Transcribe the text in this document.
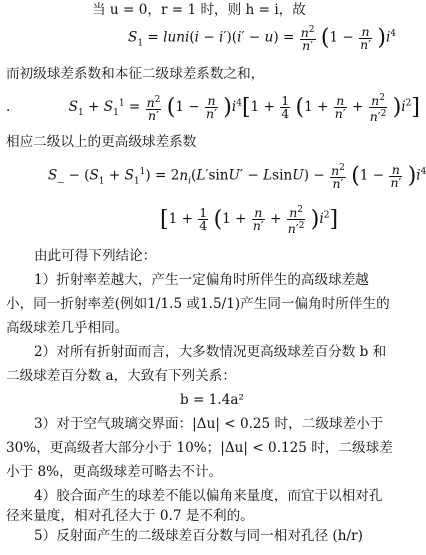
当 u = 0，r = 1 时，则 h = i，故
$S_1$ = luni(i − $i')(i' - u) = \frac{n^2}{n'} (1 - \frac{n}{n'} )i^4$
而初级球差系数和本征二级球差系数之和，
.	$S_1 + S_1^1 = \frac{n^2}{n'} (1 - \frac{n}{n'} )i^4[1 + \frac{1}{4} (1 + \frac{n}{n'} + \frac{n^2}{n'^2} )i^2]$
相应二级以上的更高级球差系数
S_ − $(S_1 + S_1^1) = 2n_i(L'\sin U' - LsinU) - \frac{n^2}{n'} (1 - \frac{n}{n'} )i^4$
$[1 + \frac{1}{4} (1 + \frac{n}{n'} + \frac{n^2}{n'^2} )i^2]$
由此可得下列结论：
1）折射率差越大，产生一定偏角时所伴生的高级球差越
小，同一折射率差(例如1/1.5 或1.5/1)产生同一偏角时所伴生的
高级球差几乎相同。
2）对所有折射面而言，大多数情况更高级球差百分数 b 和
二级球差百分数 a，大致有下列关系：
b = 1.4a²
3）对于空气玻璃交界面：|Δu| < 0.25 时，二级球差小于
30%，更高级者大部分小于 10%；|Δu| < 0.125 时，二级球差
小于 8%，更高级球差可略去不计。
4）胶合面产生的球差不能以偏角来量度，而宜于以相对孔
径来量度，相对孔径大于 0.7 是不利的。
5）反射面产生的二级球差百分数与同一相对孔径 (h/r)
